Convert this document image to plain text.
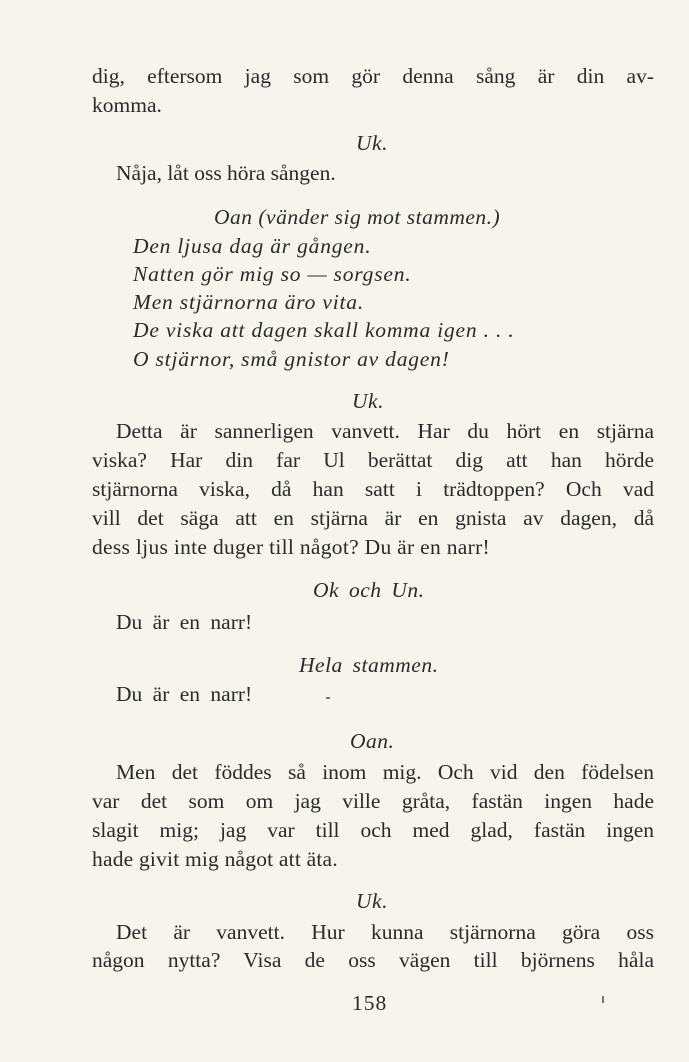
dig, eftersom jag som gör denna sång är din av-
komma.
Uk.
Nåja, låt oss höra sången.
Oan (vänder sig mot stammen.)
Den ljusa dag är gången.
Natten gör mig so — sorgsen.
Men stjärnorna äro vita.
De viska att dagen skall komma igen . . .
O stjärnor, små gnistor av dagen!
Uk.
Detta är sannerligen vanvett. Har du hört en stjärna
viska? Har din far Ul berättat dig att han hörde
stjärnorna viska, då han satt i trädtoppen? Och vad
vill det säga att en stjärna är en gnista av dagen, då
dess ljus inte duger till något? Du är en narr!
Ok och Un.
Du är en narr!
Hela stammen.
Du är en narr!
Oan.
Men det föddes så inom mig. Och vid den födelsen
var det som om jag ville gråta, fastän ingen hade
slagit mig; jag var till och med glad, fastän ingen
hade givit mig något att äta.
Uk.
Det är vanvett. Hur kunna stjärnorna göra oss
någon nytta? Visa de oss vägen till björnens håla
158
